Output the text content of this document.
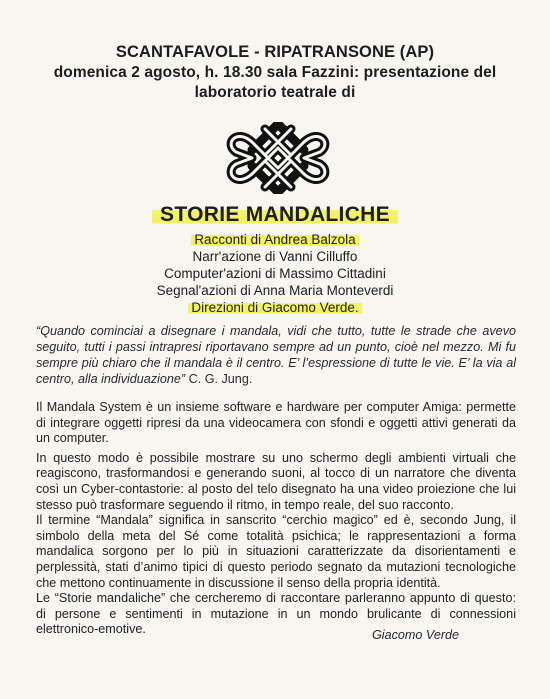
SCANTAFAVOLE - RIPATRANSONE (AP)
domenica 2 agosto, h. 18.30 sala Fazzini: presentazione del
laboratorio teatrale di
STORIE MANDALICHE
Racconti di Andrea Balzola
Narr'azione di Vanni Cilluffo
Computer'azioni di Massimo Cittadini
Segnal'azioni di Anna Maria Monteverdi
Direzioni di Giacomo Verde.
“Quando cominciai a disegnare i mandala, vidi che tutto, tutte le strade che avevo seguito, tutti i passi intrapresi riportavano sempre ad un punto, cioè nel mezzo. Mi fu sempre più chiaro che il mandala è il centro. E’ l’espressione di tutte le vie. E’ la via al centro, alla individuazione” C. G. Jung.

Il Mandala System è un insieme software e hardware per computer Amiga: permette di integrare oggetti ripresi da una videocamera con sfondi e oggetti attivi generati da un computer.

In questo modo è possibile mostrare su uno schermo degli ambienti virtuali che reagiscono, trasformandosi e generando suoni, al tocco di un narratore che diventa così un Cyber-contastorie: al posto del telo disegnato ha una video proiezione che lui stesso può trasformare seguendo il ritmo, in tempo reale, del suo racconto.

Il termine “Mandala” significa in sanscrito “cerchio magico” ed è, secondo Jung, il simbolo della meta del Sé come totalità psichica; le rappresentazioni a forma mandalica sorgono per lo più in situazioni caratterizzate da disorientamenti e perplessità, stati d’animo tipici di questo periodo segnato da mutazioni tecnologiche che mettono continuamente in discussione il senso della propria identità.

Le “Storie mandaliche” che cercheremo di raccontare parleranno appunto di questo: di persone e sentimenti in mutazione in un mondo brulicante di connessioni elettronico-emotive.	Giacomo Verde
